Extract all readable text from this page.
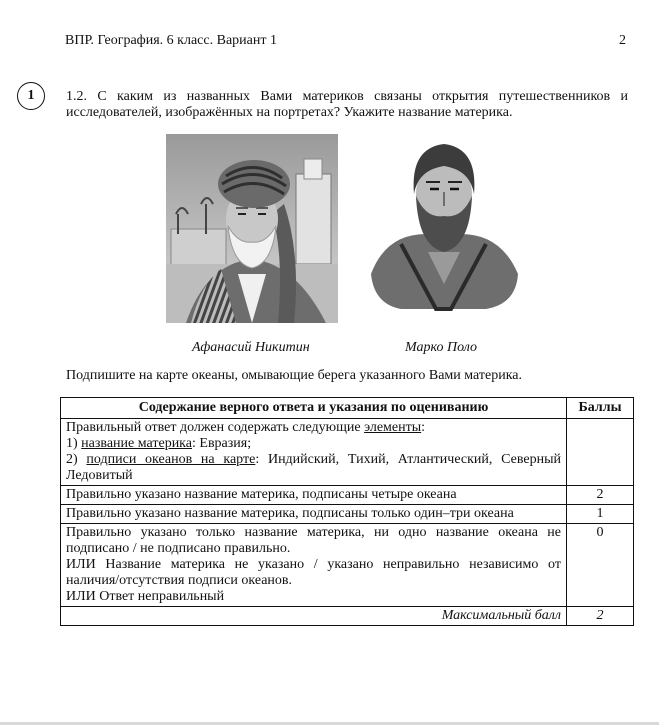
ВПР. География. 6 класс. Вариант 1	2
1	1.2. С каким из названных Вами материков связаны открытия путешественников и исследователей, изображённых на портретах? Укажите название материка.
Афанасий Никитин	Марко Поло
Подпишите на карте океаны, омывающие берега указанного Вами материка.
Содержание верного ответа и указания по оцениванию	Баллы

Правильный ответ должен содержать следующие элементы:
1) название материка: Евразия;
2) подписи океанов на карте: Индийский, Тихий, Атлантический, Северный Ледовитый	

Правильно указано название материка, подписаны четыре океана	2
Правильно указано название материка, подписаны только один–три океана	1

Правильно указано только название материка, ни одно название океана не подписано / не подписано правильно.
ИЛИ Название материка не указано / указано неправильно независимо от наличия/отсутствия подписи океанов.
ИЛИ Ответ неправильный	0
Максимальный балл	2
